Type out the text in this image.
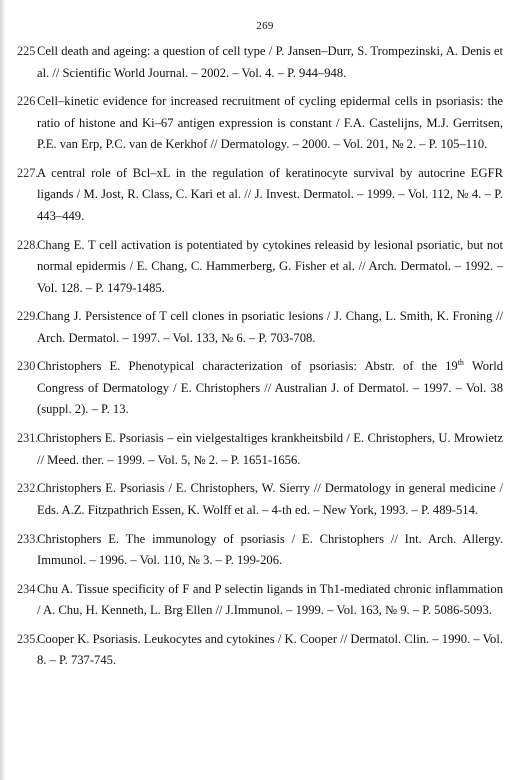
269
225 Cell death and ageing: a question of cell type / P. Jansen–Durr, S. Trompezinski, A. Denis et al. // Scientific World Journal. – 2002. – Vol. 4. – P. 944–948.
226 Cell–kinetic evidence for increased recruitment of cycling epidermal cells in psoriasis: the ratio of histone and Ki–67 antigen expression is constant / F.A. Castelijns, M.J. Gerritsen, P.E. van Erp, P.C. van de Kerkhof // Dermatology. – 2000. – Vol. 201, № 2. – P. 105–110.
227.
A central role of Bcl–xL in the regulation of keratinocyte survival by autocrine EGFR ligands / M. Jost, R. Class, C. Kari et al. // J. Invest. Dermatol. – 1999. – Vol. 112, № 4. – P. 443–449.
228.
Chang E. T cell activation is potentiated by cytokines releasid by lesional psoriatic, but not normal epidermis / E. Chang, C. Hammerberg, G. Fisher et al. // Arch. Dermatol. – 1992. – Vol. 128. – P. 1479-1485.
229.
Chang J. Persistence of T cell clones in psoriatic lesions / J. Chang, L. Smith, K. Froning // Arch. Dermatol. – 1997. – Vol. 133, № 6. – P. 703-708.
230 Christophers E. Phenotypical characterization of psoriasis: Abstr. of the 19th World Congress of Dermatology / E. Christophers // Australian J. of Dermatol. – 1997. – Vol. 38 (suppl. 2). – P. 13.
231.
Christophers E. Psoriasis – ein vielgestaltiges krankheitsbild / E. Christophers, U. Mrowietz // Meed. ther. – 1999. – Vol. 5, № 2. – P. 1651-1656.
232.
Christophers E. Psoriasis / E. Christophers, W. Sierry // Dermatology in general medicine / Eds. A.Z. Fitzpathrich Essen, K. Wolff et al. – 4-th ed. – New York, 1993. – P. 489-514.
233.
Christophers E. The immunology of psoriasis / E. Christophers // Int. Arch. Allergy. Immunol. – 1996. – Vol. 110, № 3. – P. 199-206.
234 Chu A. Tissue specificity of F and P selectin ligands in Th1-mediated chronic inflammation / A. Chu, H. Kenneth, L. Brg Ellen // J.Immunol. – 1999. – Vol. 163, № 9. – P. 5086-5093.
235.
Cooper K. Psoriasis. Leukocytes and cytokines / K. Cooper // Dermatol. Clin. – 1990. – Vol. 8. – P. 737-745.
